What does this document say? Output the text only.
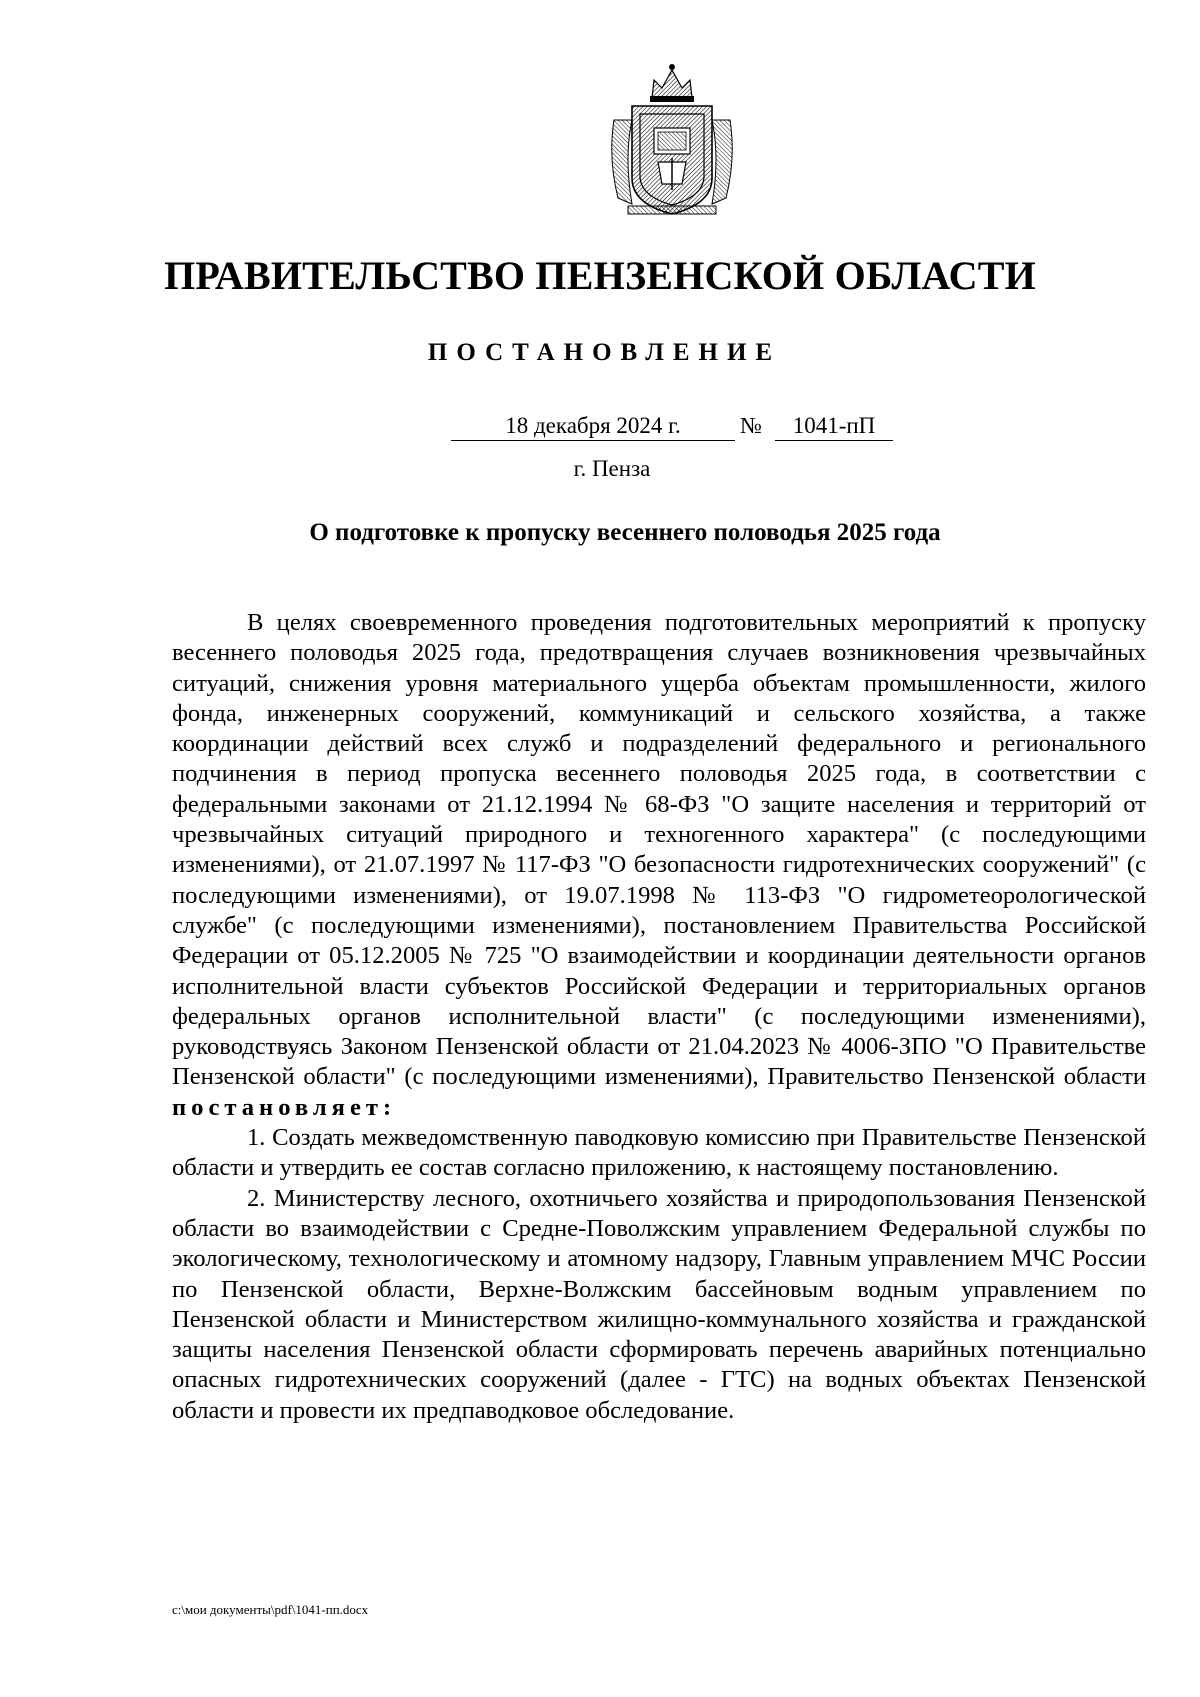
ПРАВИТЕЛЬСТВО ПЕНЗЕНСКОЙ ОБЛАСТИ
ПОСТАНОВЛЕНИЕ
18 декабря 2024 г.	№	1041-пП
г. Пенза
О подготовке к пропуску весеннего половодья 2025 года

В целях своевременного проведения подготовительных мероприятий к пропуску весеннего половодья 2025 года, предотвращения случаев возникновения чрезвычайных ситуаций, снижения уровня материального ущерба объектам промышленности, жилого фонда, инженерных сооружений, коммуникаций и сельского хозяйства, а также координации действий всех служб и подразделений федерального и регионального подчинения в период пропуска весеннего половодья 2025 года, в соответствии с федеральными законами от 21.12.1994 № 68-ФЗ "О защите населения и территорий от чрезвычайных ситуаций природного и техногенного характера" (с последующими изменениями), от 21.07.1997 № 117-ФЗ "О безопасности гидротехнических сооружений" (с последующими изменениями), от 19.07.1998 № 113-ФЗ "О гидрометеорологической службе" (с последующими изменениями), постановлением Правительства Российской Федерации от 05.12.2005 № 725 "О взаимодействии и координации деятельности органов исполнительной власти субъектов Российской Федерации и территориальных органов федеральных органов исполнительной власти" (с последующими изменениями), руководствуясь Законом Пензенской области от 21.04.2023 № 4006-ЗПО "О Правительстве Пензенской области" (с последующими изменениями), Правительство Пензенской области постановляет:

1. Создать межведомственную паводковую комиссию при Правительстве Пензенской области и утвердить ее состав согласно приложению, к настоящему постановлению.

2. Министерству лесного, охотничьего хозяйства и природопользования Пензенской области во взаимодействии с Средне-Поволжским управлением Федеральной службы по экологическому, технологическому и атомному надзору, Главным управлением МЧС России по Пензенской области, Верхне-Волжским бассейновым водным управлением по Пензенской области и Министерством жилищно-коммунального хозяйства и гражданской защиты населения Пензенской области сформировать перечень аварийных потенциально опасных гидротехнических сооружений (далее - ГТС) на водных объектах Пензенской области и провести их предпаводковое обследование.

c:\мои документы\pdf\1041-пп.docx
